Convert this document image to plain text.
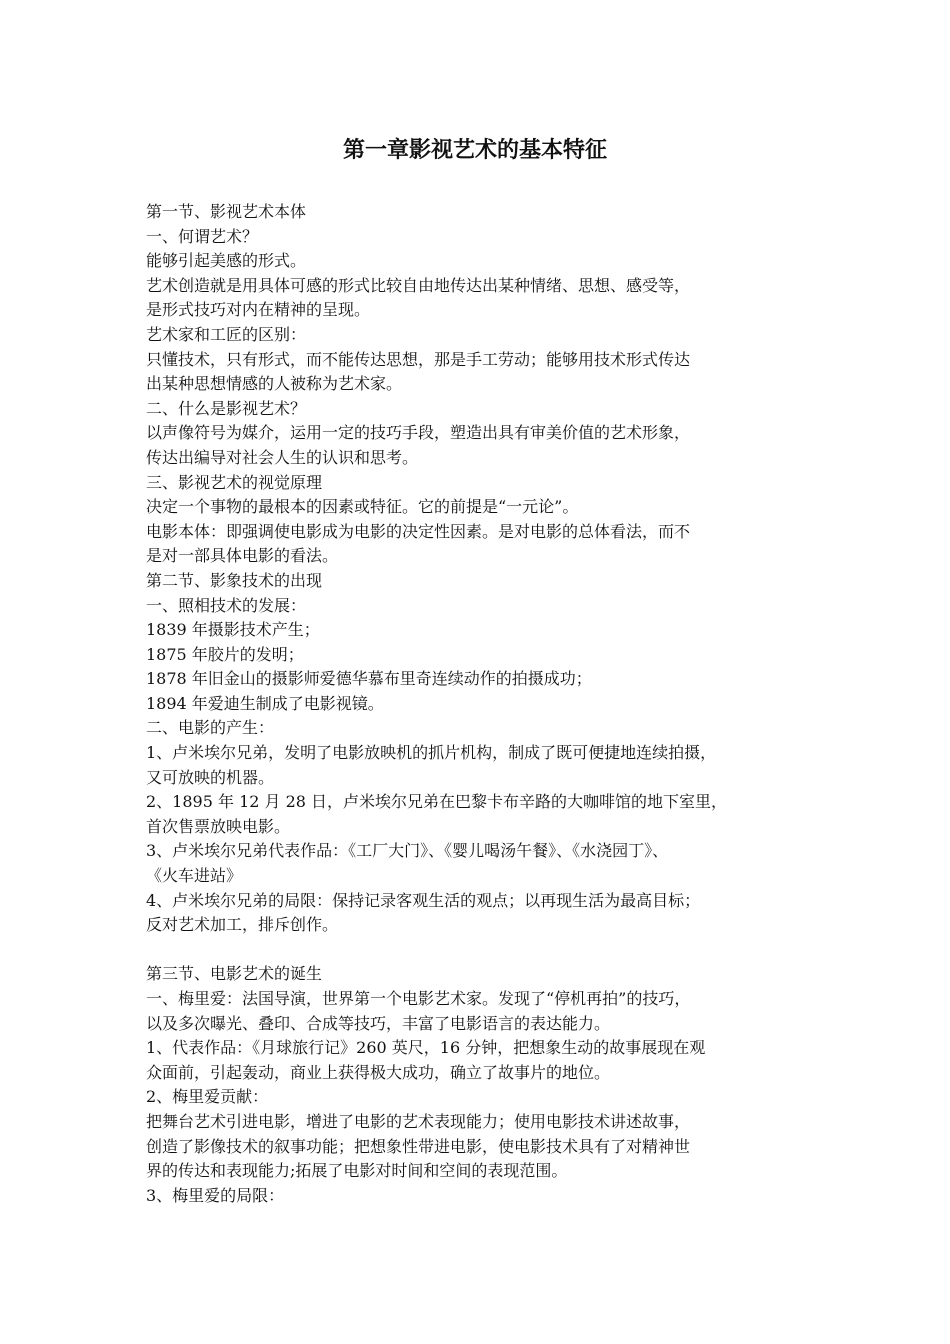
第一章影视艺术的基本特征
第一节、影视艺术本体
一、何谓艺术？
能够引起美感的形式。
艺术创造就是用具体可感的形式比较自由地传达出某种情绪、思想、感受等，
是形式技巧对内在精神的呈现。
艺术家和工匠的区别：
只懂技术，只有形式，而不能传达思想，那是手工劳动；能够用技术形式传达
出某种思想情感的人被称为艺术家。
二、什么是影视艺术？
以声像符号为媒介，运用一定的技巧手段，塑造出具有审美价值的艺术形象，
传达出编导对社会人生的认识和思考。
三、影视艺术的视觉原理
决定一个事物的最根本的因素或特征。它的前提是“一元论”。
电影本体：即强调使电影成为电影的决定性因素。是对电影的总体看法，而不
是对一部具体电影的看法。
第二节、影象技术的出现
一、照相技术的发展：
1839 年摄影技术产生；
1875 年胶片的发明；
1878 年旧金山的摄影师爱德华慕布里奇连续动作的拍摄成功；
1894 年爱迪生制成了电影视镜。
二、电影的产生：
1、卢米埃尔兄弟，发明了电影放映机的抓片机构，制成了既可便捷地连续拍摄，
又可放映的机器。
2、1895 年 12 月 28 日，卢米埃尔兄弟在巴黎卡布辛路的大咖啡馆的地下室里，
首次售票放映电影。
3、卢米埃尔兄弟代表作品：《工厂大门》、《婴儿喝汤午餐》、《水浇园丁》、
《火车进站》
4、卢米埃尔兄弟的局限：保持记录客观生活的观点；以再现生活为最高目标；
反对艺术加工，排斥创作。
第三节、电影艺术的诞生
一、梅里爱：法国导演，世界第一个电影艺术家。发现了“停机再拍”的技巧，
以及多次曝光、叠印、合成等技巧，丰富了电影语言的表达能力。
1、代表作品：《月球旅行记》260 英尺，16 分钟，把想象生动的故事展现在观
众面前，引起轰动，商业上获得极大成功，确立了故事片的地位。
2、梅里爱贡献：
把舞台艺术引进电影，增进了电影的艺术表现能力；使用电影技术讲述故事，
创造了影像技术的叙事功能；把想象性带进电影，使电影技术具有了对精神世
界的传达和表现能力;拓展了电影对时间和空间的表现范围。
3、梅里爱的局限：
